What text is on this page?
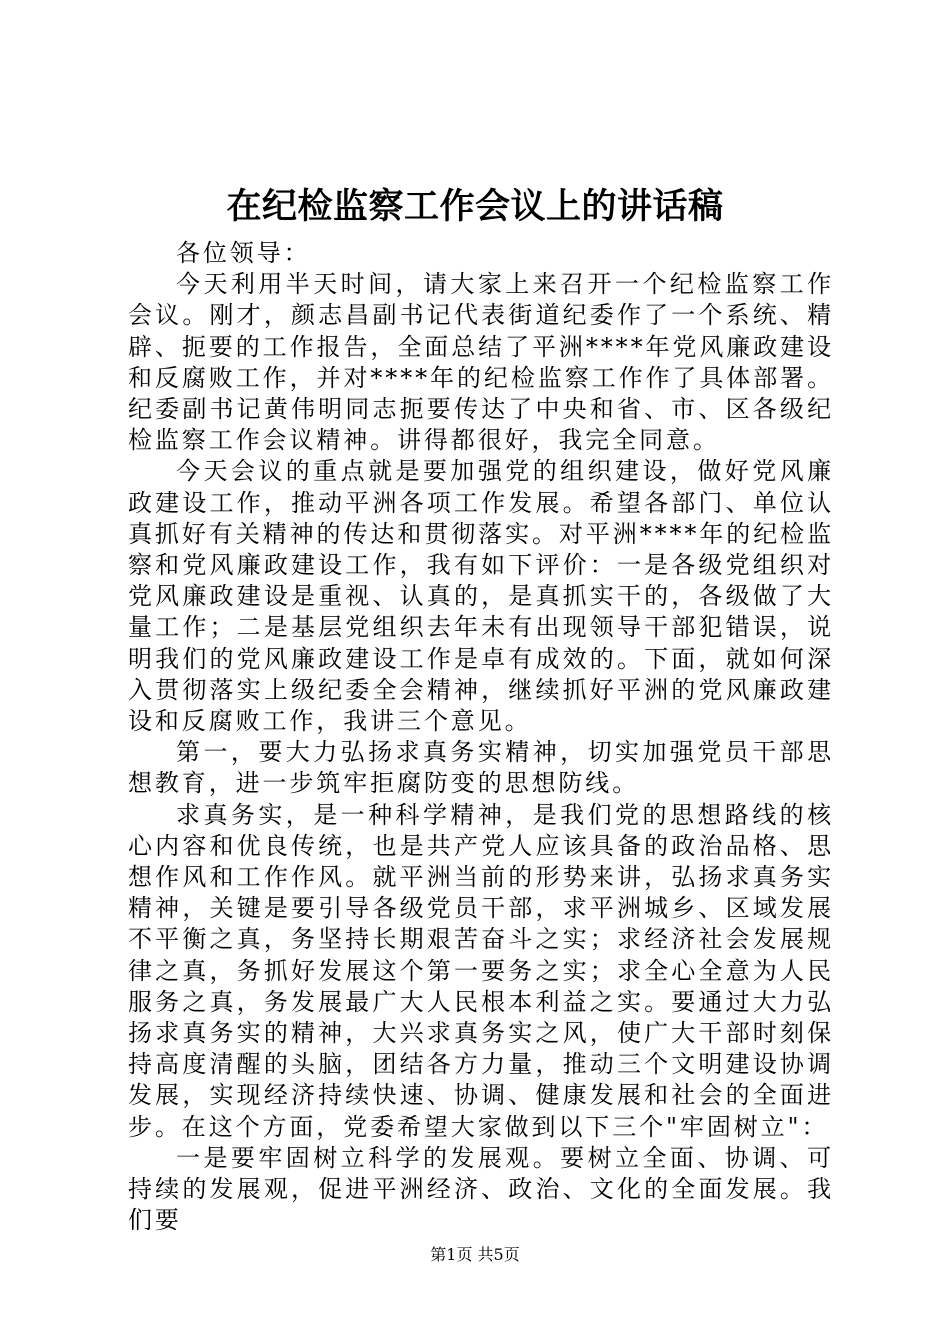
在纪检监察工作会议上的讲话稿

各位领导：

今天利用半天时间，请大家上来召开一个纪检监察工作会议。刚才，颜志昌副书记代表街道纪委作了一个系统、精辟、扼要的工作报告，全面总结了平洲****年党风廉政建设和反腐败工作，并对****年的纪检监察工作作了具体部署。纪委副书记黄伟明同志扼要传达了中央和省、市、区各级纪检监察工作会议精神。讲得都很好，我完全同意。

今天会议的重点就是要加强党的组织建设，做好党风廉政建设工作，推动平洲各项工作发展。希望各部门、单位认真抓好有关精神的传达和贯彻落实。对平洲****年的纪检监察和党风廉政建设工作，我有如下评价：一是各级党组织对党风廉政建设是重视、认真的，是真抓实干的，各级做了大量工作；二是基层党组织去年未有出现领导干部犯错误，说明我们的党风廉政建设工作是卓有成效的。下面，就如何深入贯彻落实上级纪委全会精神，继续抓好平洲的党风廉政建设和反腐败工作，我讲三个意见。

第一，要大力弘扬求真务实精神，切实加强党员干部思想教育，进一步筑牢拒腐防变的思想防线。

求真务实，是一种科学精神，是我们党的思想路线的核心内容和优良传统，也是共产党人应该具备的政治品格、思想作风和工作作风。就平洲当前的形势来讲，弘扬求真务实精神，关键是要引导各级党员干部，求平洲城乡、区域发展不平衡之真，务坚持长期艰苦奋斗之实；求经济社会发展规律之真，务抓好发展这个第一要务之实；求全心全意为人民服务之真，务发展最广大人民根本利益之实。要通过大力弘扬求真务实的精神，大兴求真务实之风，使广大干部时刻保持高度清醒的头脑，团结各方力量，推动三个文明建设协调发展，实现经济持续快速、协调、健康发展和社会的全面进步。在这个方面，党委希望大家做到以下三个"牢固树立"：

一是要牢固树立科学的发展观。要树立全面、协调、可持续的发展观，促进平洲经济、政治、文化的全面发展。我们要

第1页 共5页
